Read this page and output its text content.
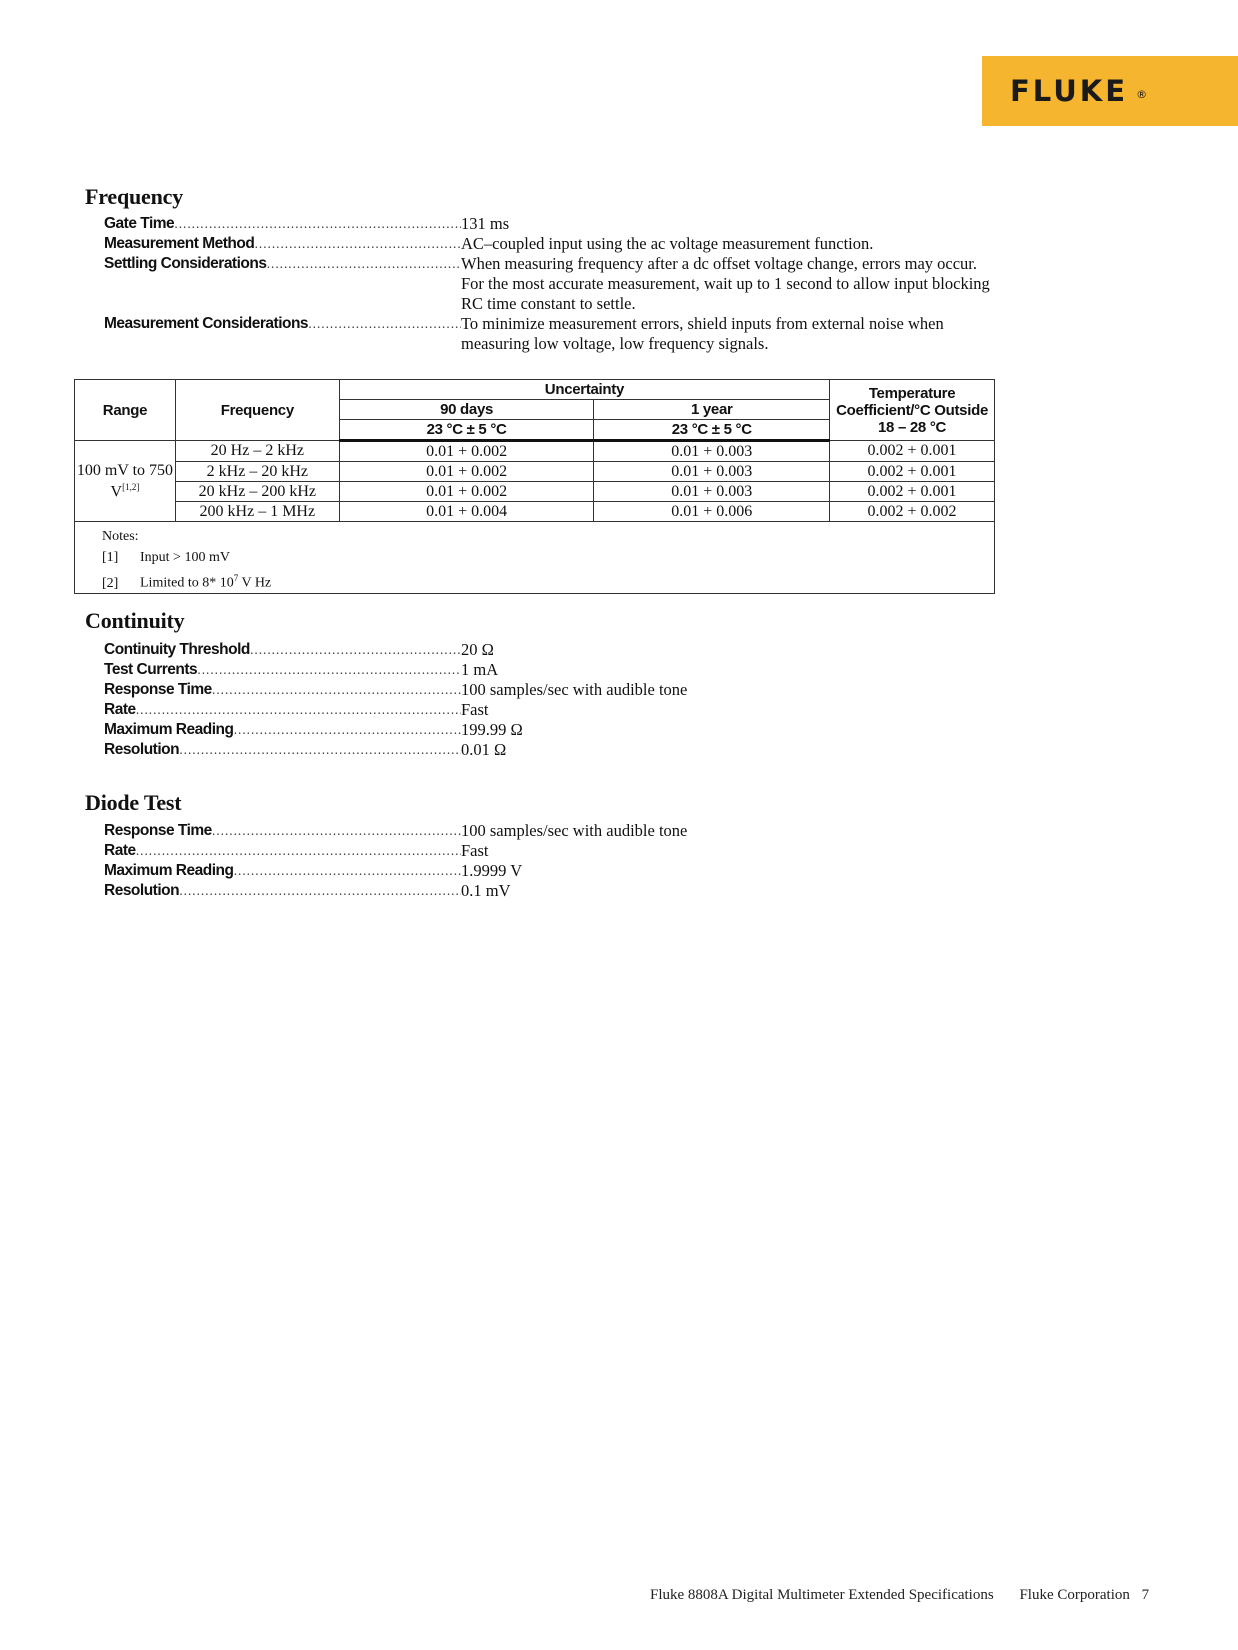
FLUKE ®
Frequency
Gate Time .....	131 ms
Measurement Method .....	AC–coupled input using the ac voltage measurement function.
Settling Considerations .....	When measuring frequency after a dc offset voltage change, errors may occur. For the most accurate measurement, wait up to 1 second to allow input blocking RC time constant to settle.
Measurement Considerations .....	To minimize measurement errors, shield inputs from external noise when measuring low voltage, low frequency signals.
Range	Frequency	Uncertainty		Temperature Coefficient/°C Outside 18 – 28 °C
		90 days	1 year	
		23 °C ± 5 °C	23 °C ± 5 °C	
100 mV to 750 V[1,2]	20 Hz – 2 kHz	0.01 + 0.002	0.01 + 0.003	0.002 + 0.001
	2 kHz – 20 kHz	0.01 + 0.002	0.01 + 0.003	0.002 + 0.001
	20 kHz – 200 kHz	0.01 + 0.002	0.01 + 0.003	0.002 + 0.001
	200 kHz – 1 MHz	0.01 + 0.004	0.01 + 0.006	0.002 + 0.002

Notes:
[1] Input > 100 mV
[2] Limited to 8* $10^7$ V Hz				
Continuity
Continuity Threshold .....	20 Ω
Test Currents .....	1 mA
Response Time .....	100 samples/sec with audible tone
Rate .....	Fast
Maximum Reading .....	199.99 Ω
Resolution .....	0.01 Ω
Diode Test
Response Time .....	100 samples/sec with audible tone
Rate .....	Fast
Maximum Reading .....	1.9999 V
Resolution .....	0.1 mV
Fluke 8808A Digital Multimeter Extended Specifications Fluke Corporation 7
